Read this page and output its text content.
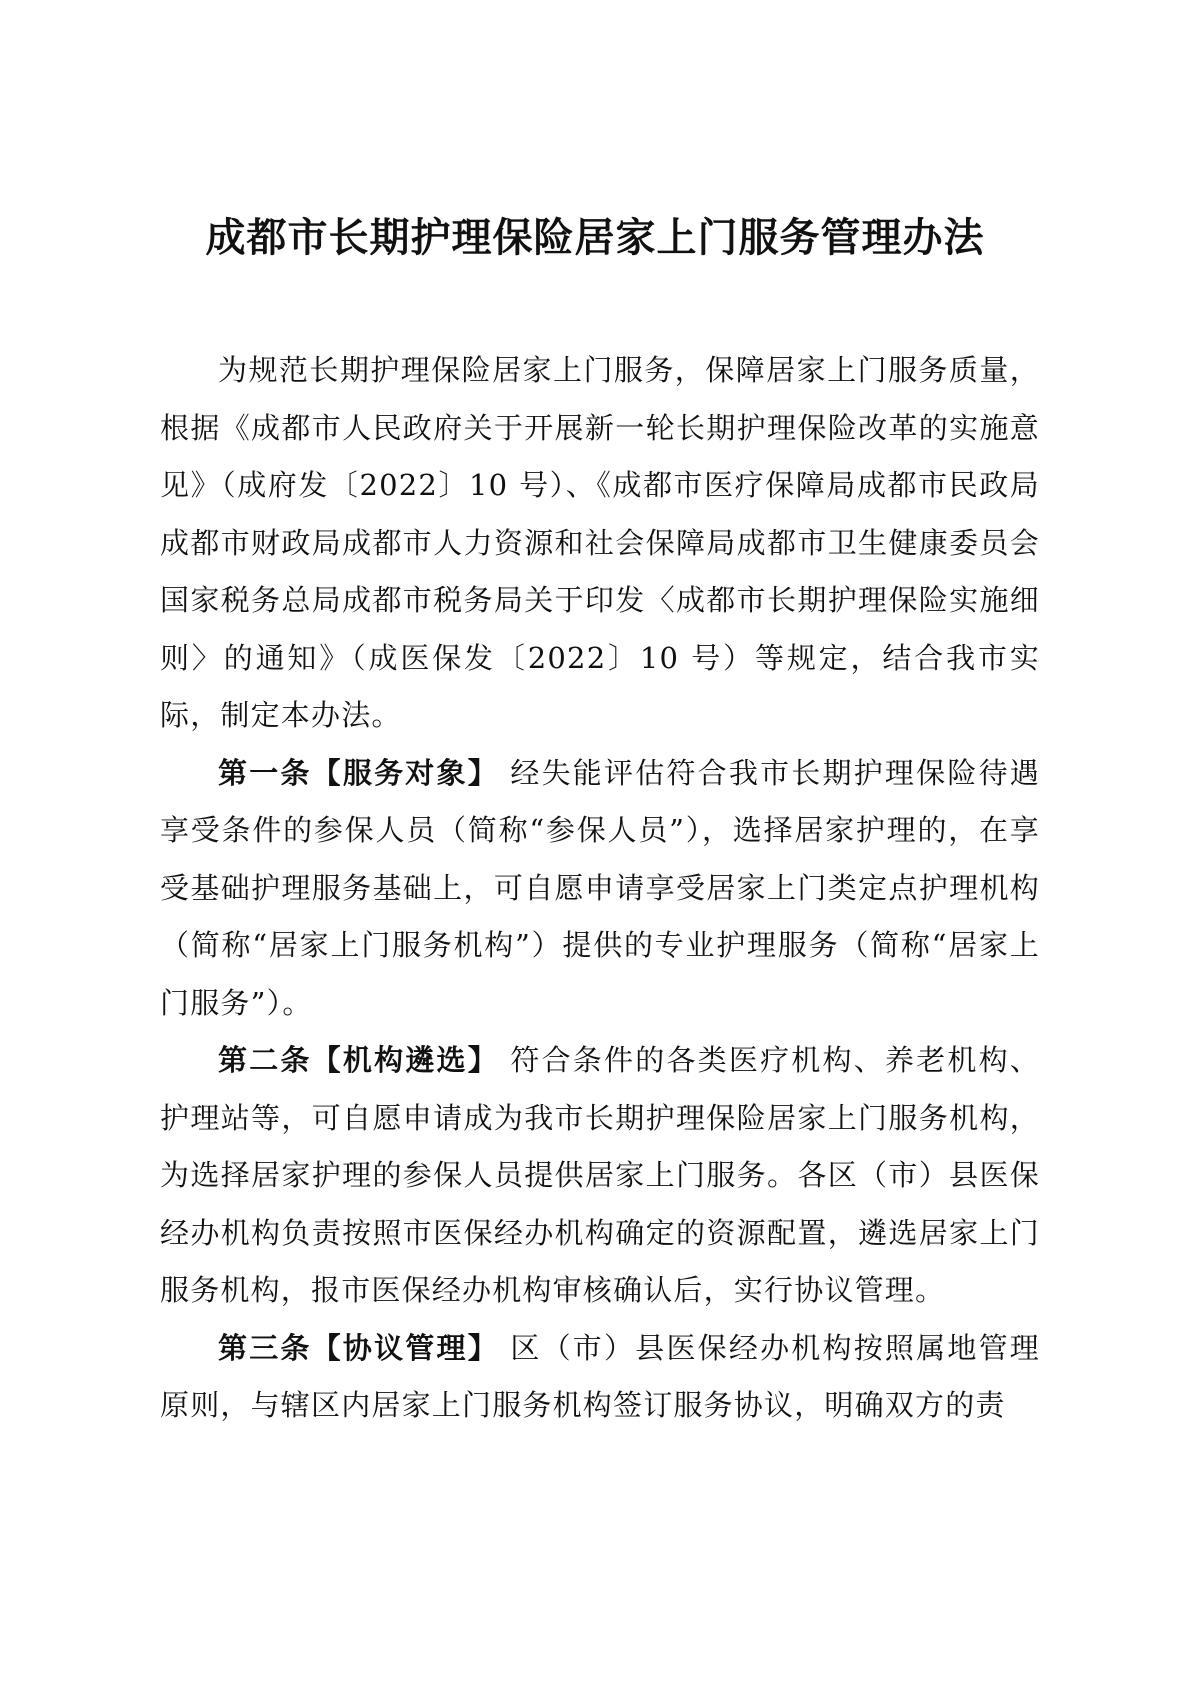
成都市长期护理保险居家上门服务管理办法

为规范长期护理保险居家上门服务，保障居家上门服务质量，根据《成都市人民政府关于开展新一轮长期护理保险改革的实施意见》（成府发〔2022〕10 号）、《成都市医疗保障局成都市民政局成都市财政局成都市人力资源和社会保障局成都市卫生健康委员会国家税务总局成都市税务局关于印发〈成都市长期护理保险实施细则〉的通知》（成医保发〔2022〕10 号）等规定，结合我市实际，制定本办法。

第一条【服务对象】 经失能评估符合我市长期护理保险待遇享受条件的参保人员（简称“参保人员”），选择居家护理的，在享受基础护理服务基础上，可自愿申请享受居家上门类定点护理机构（简称“居家上门服务机构”）提供的专业护理服务（简称“居家上门服务”）。

第二条【机构遴选】 符合条件的各类医疗机构、养老机构、护理站等，可自愿申请成为我市长期护理保险居家上门服务机构，为选择居家护理的参保人员提供居家上门服务。各区（市）县医保经办机构负责按照市医保经办机构确定的资源配置，遴选居家上门服务机构，报市医保经办机构审核确认后，实行协议管理。

第三条【协议管理】 区（市）县医保经办机构按照属地管理原则，与辖区内居家上门服务机构签订服务协议，明确双方的责
